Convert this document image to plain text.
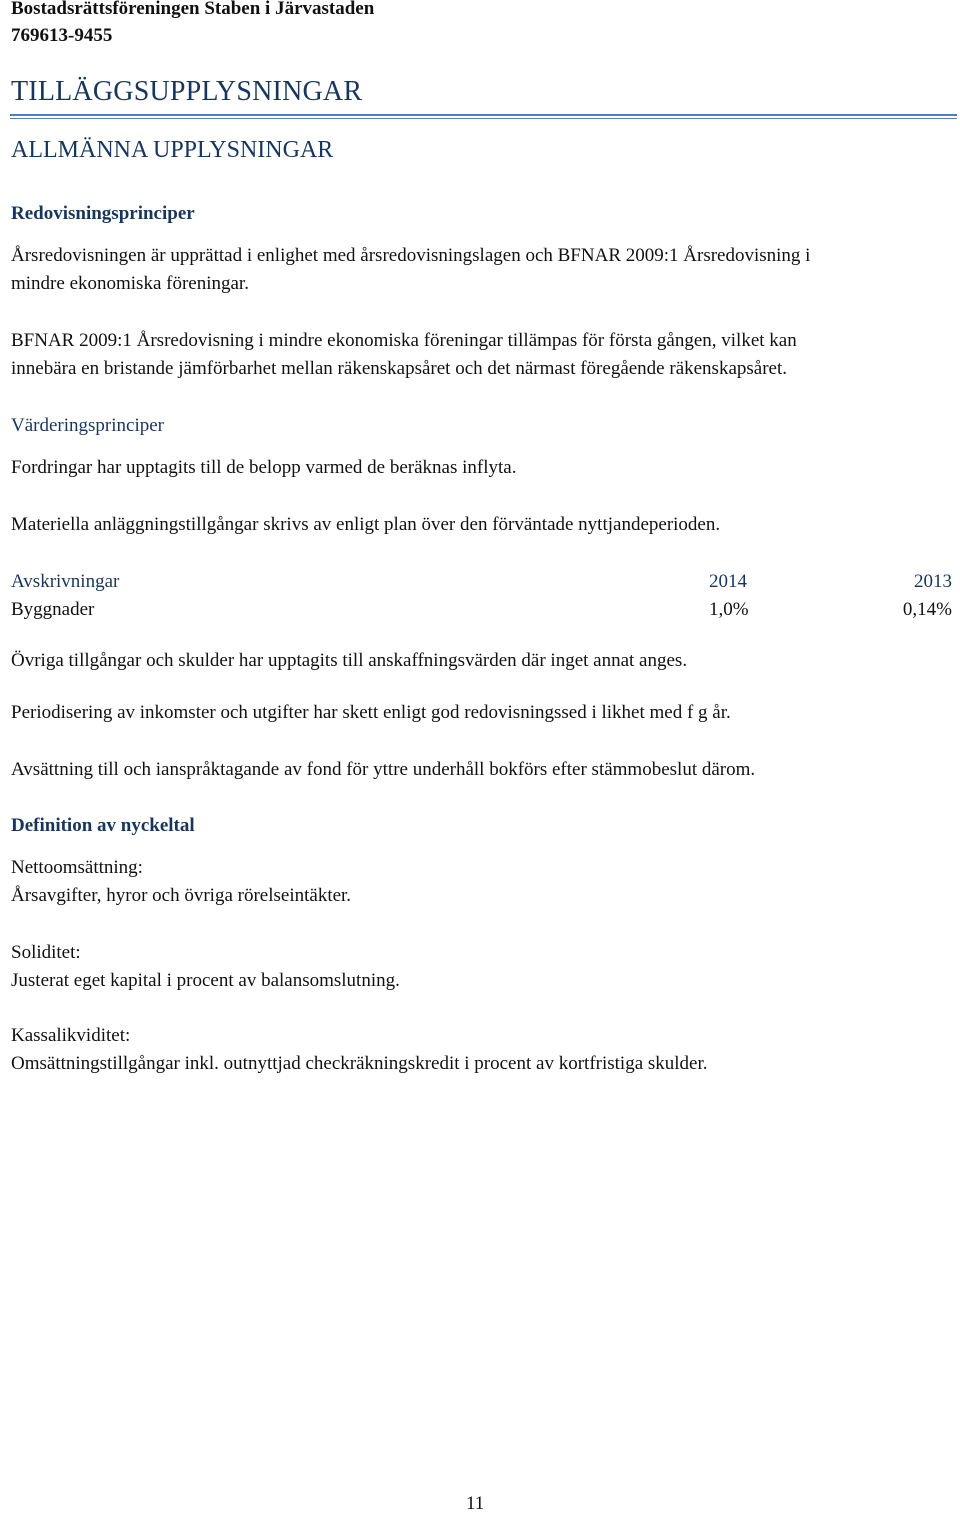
Bostadsrättsföreningen Staben i Järvastaden
769613-9455
TILLÄGGSUPPLYSNINGAR
ALLMÄNNA UPPLYSNINGAR
Redovisningsprinciper
Årsredovisningen är upprättad i enlighet med årsredovisningslagen och BFNAR 2009:1 Årsredovisning i
mindre ekonomiska föreningar.
BFNAR 2009:1 Årsredovisning i mindre ekonomiska föreningar tillämpas för första gången, vilket kan
innebära en bristande jämförbarhet mellan räkenskapsåret och det närmast föregående räkenskapsåret.
Värderingsprinciper
Fordringar har upptagits till de belopp varmed de beräknas inflyta.
Materiella anläggningstillgångar skrivs av enligt plan över den förväntade nyttjandeperioden.
Avskrivningar	2014	2013
Byggnader	1,0%	0,14%
Övriga tillgångar och skulder har upptagits till anskaffningsvärden där inget annat anges.
Periodisering av inkomster och utgifter har skett enligt god redovisningssed i likhet med f g år.
Avsättning till och ianspråktagande av fond för yttre underhåll bokförs efter stämmobeslut därom.
Definition av nyckeltal
Nettoomsättning:
Årsavgifter, hyror och övriga rörelseintäkter.
Soliditet:
Justerat eget kapital i procent av balansomslutning.
Kassalikviditet:
Omsättningstillgångar inkl. outnyttjad checkräkningskredit i procent av kortfristiga skulder.
11
